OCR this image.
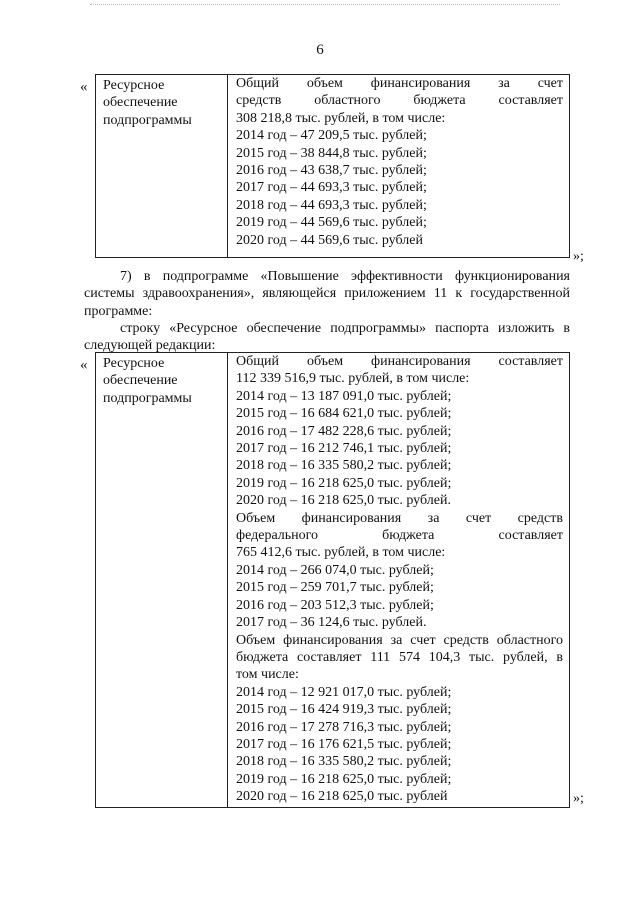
6
« Ресурсное
обеспечение
подпрограммы

Общий объем финансирования за счет
средств областного бюджета составляет
308 218,8 тыс. рублей, в том числе:
2014 год – 47 209,5 тыс. рублей;
2015 год – 38 844,8 тыс. рублей;
2016 год – 43 638,7 тыс. рублей;
2017 год – 44 693,3 тыс. рублей;
2018 год – 44 693,3 тыс. рублей;
2019 год – 44 569,6 тыс. рублей;
2020 год – 44 569,6 тыс. рублей
»;
7) в подпрограмме «Повышение эффективности функционирования
системы здравоохранения», являющейся приложением 11 к государственной
программе:
строку «Ресурсное обеспечение подпрограммы» паспорта изложить в
следующей редакции:
« Ресурсное
обеспечение
подпрограммы

Общий объем финансирования составляет
112 339 516,9 тыс. рублей, в том числе:
2014 год – 13 187 091,0 тыс. рублей;
2015 год – 16 684 621,0 тыс. рублей;
2016 год – 17 482 228,6 тыс. рублей;
2017 год – 16 212 746,1 тыс. рублей;
2018 год – 16 335 580,2 тыс. рублей;
2019 год – 16 218 625,0 тыс. рублей;
2020 год – 16 218 625,0 тыс. рублей.
Объем финансирования за счет средств
федерального бюджета составляет
765 412,6 тыс. рублей, в том числе:
2014 год – 266 074,0 тыс. рублей;
2015 год – 259 701,7 тыс. рублей;
2016 год – 203 512,3 тыс. рублей;
2017 год – 36 124,6 тыс. рублей.
Объем финансирования за счет средств областного
бюджета составляет 111 574 104,3 тыс. рублей, в
том числе:
2014 год – 12 921 017,0 тыс. рублей;
2015 год – 16 424 919,3 тыс. рублей;
2016 год – 17 278 716,3 тыс. рублей;
2017 год – 16 176 621,5 тыс. рублей;
2018 год – 16 335 580,2 тыс. рублей;
2019 год – 16 218 625,0 тыс. рублей;
2020 год – 16 218 625,0 тыс. рублей	»;
